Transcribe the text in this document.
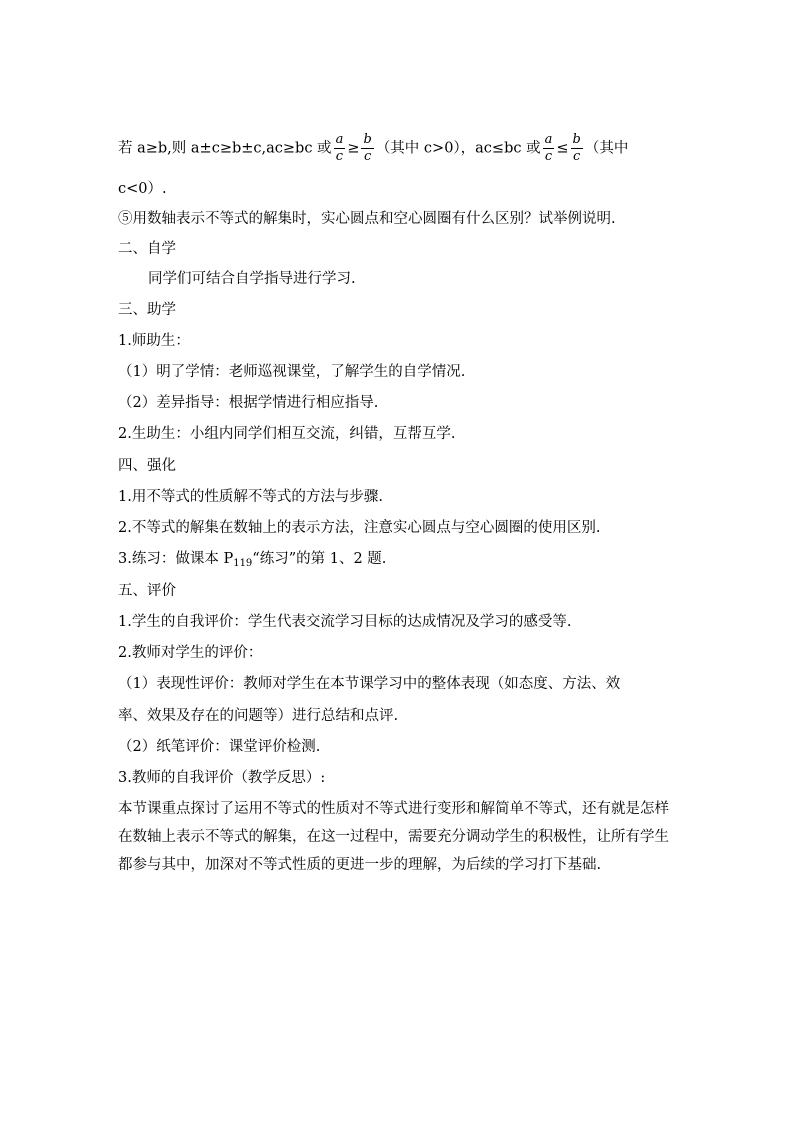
若 a≥b,则 a±c≥b±c,ac≥bc 或 $\frac{a}{c} \ge \frac{b}{c}$ （其中 c>0），ac≤bc 或 $\frac{a}{c} \le \frac{b}{c}$ （其中
c<0）.
⑤用数轴表示不等式的解集时，实心圆点和空心圆圈有什么区别？试举例说明.
二、自学
同学们可结合自学指导进行学习.
三、助学
1.师助生：
（1）明了学情：老师巡视课堂，了解学生的自学情况.
（2）差异指导：根据学情进行相应指导.
2.生助生：小组内同学们相互交流，纠错，互帮互学.
四、强化
1.用不等式的性质解不等式的方法与步骤.
2.不等式的解集在数轴上的表示方法，注意实心圆点与空心圆圈的使用区别.
3.练习：做课本 $P_{119}“$练习”的第 1、2 题.
五、评价
1.学生的自我评价：学生代表交流学习目标的达成情况及学习的感受等.
2.教师对学生的评价：
（1）表现性评价：教师对学生在本节课学习中的整体表现（如态度、方法、效
率、效果及存在的问题等）进行总结和点评.
（2）纸笔评价：课堂评价检测.
3.教师的自我评价（教学反思）:
本节课重点探讨了运用不等式的性质对不等式进行变形和解简单不等式，还有就是怎样在数轴上表示不等式的解集，在这一过程中，需要充分调动学生的积极性，让所有学生都参与其中，加深对不等式性质的更进一步的理解，为后续的学习打下基础.
